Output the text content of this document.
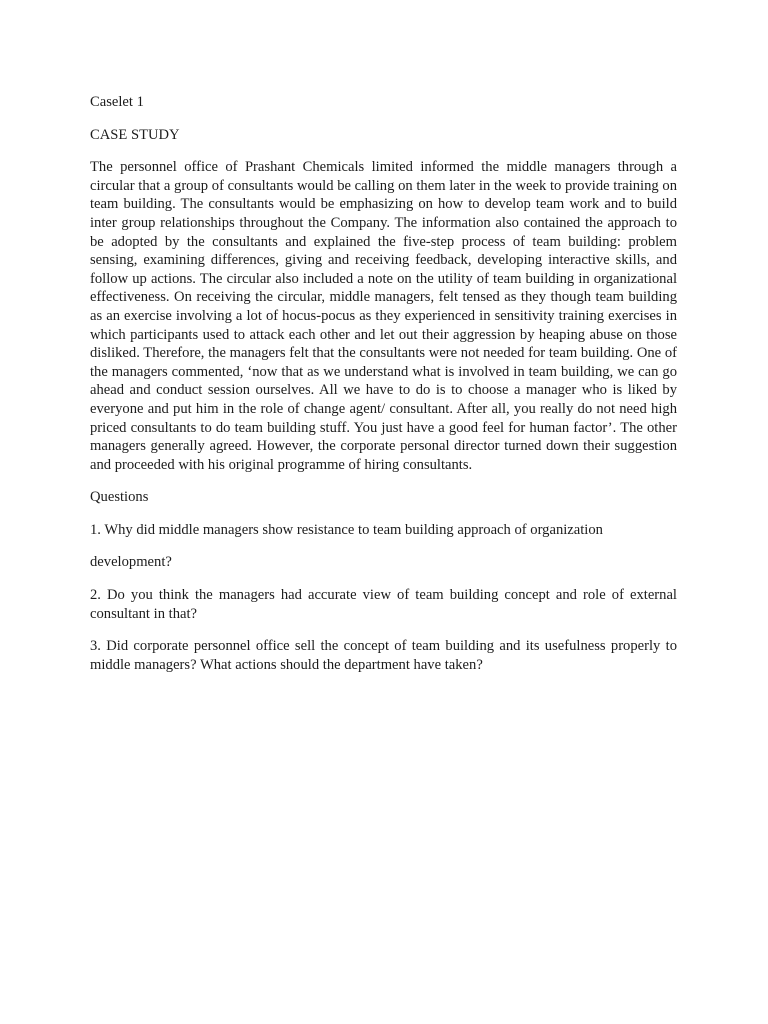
Caselet 1
CASE STUDY
The personnel office of Prashant Chemicals limited informed the middle managers through a circular that a group of consultants would be calling on them later in the week to provide training on team building. The consultants would be emphasizing on how to develop team work and to build inter group relationships throughout the Company. The information also contained the approach to be adopted by the consultants and explained the five-step process of team building: problem sensing, examining differences, giving and receiving feedback, developing interactive skills, and follow up actions. The circular also included a note on the utility of team building in organizational effectiveness. On receiving the circular, middle managers, felt tensed as they though team building as an exercise involving a lot of hocus-pocus as they experienced in sensitivity training exercises in which participants used to attack each other and let out their aggression by heaping abuse on those disliked. Therefore, the managers felt that the consultants were not needed for team building. One of the managers commented, ‘now that as we understand what is involved in team building, we can go ahead and conduct session ourselves. All we have to do is to choose a manager who is liked by everyone and put him in the role of change agent/ consultant. After all, you really do not need high priced consultants to do team building stuff. You just have a good feel for human factor’. The other managers generally agreed. However, the corporate personal director turned down their suggestion and proceeded with his original programme of hiring consultants.
Questions
1. Why did middle managers show resistance to team building approach of organization
development?
2. Do you think the managers had accurate view of team building concept and role of external consultant in that?
3. Did corporate personnel office sell the concept of team building and its usefulness properly to middle managers? What actions should the department have taken?
